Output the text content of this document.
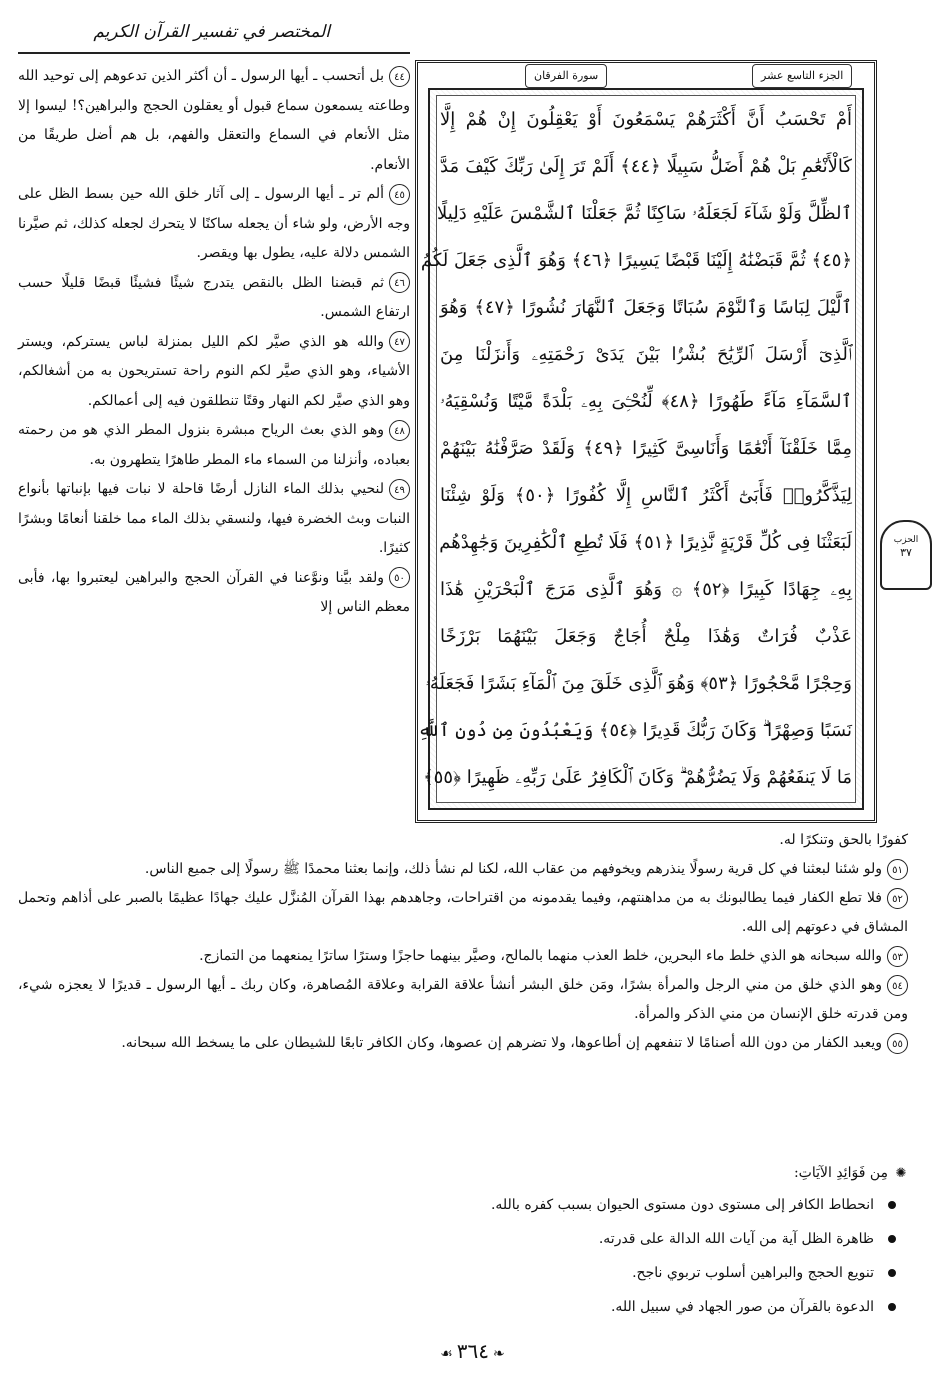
المختصر في تفسير القرآن الكريم
الجزء التاسع عشر
سورة الفرقان
أَمْ تَحْسَبُ أَنَّ أَكْثَرَهُمْ يَسْمَعُونَ أَوْ يَعْقِلُونَ إِنْ هُمْ إِلَّا
كَالْأَنْعَٰمِ بَلْ هُمْ أَضَلُّ سَبِيلًا ﴿٤٤﴾ أَلَمْ تَرَ إِلَىٰ رَبِّكَ كَيْفَ مَدَّ
ٱلظِّلَّ وَلَوْ شَآءَ لَجَعَلَهُۥ سَاكِنًا ثُمَّ جَعَلْنَا ٱلشَّمْسَ عَلَيْهِ دَلِيلًا
﴿٤٥﴾ ثُمَّ قَبَضْنَٰهُ إِلَيْنَا قَبْضًا يَسِيرًا ﴿٤٦﴾ وَهُوَ ٱلَّذِى جَعَلَ لَكُمُ
ٱلَّيْلَ لِبَاسًا وَٱلنَّوْمَ سُبَاتًا وَجَعَلَ ٱلنَّهَارَ نُشُورًا ﴿٤٧﴾ وَهُوَ
ٱلَّذِىٓ أَرْسَلَ ٱلرِّيَٰحَ بُشْرًۢا بَيْنَ يَدَىْ رَحْمَتِهِۦ وَأَنزَلْنَا مِنَ
ٱلسَّمَآءِ مَآءً طَهُورًا ﴿٤٨﴾ لِّنُحْـِۧىَ بِهِۦ بَلْدَةً مَّيْتًا وَنُسْقِيَهُۥ
مِمَّا خَلَقْنَآ أَنْعَٰمًا وَأَنَاسِىَّ كَثِيرًا ﴿٤٩﴾ وَلَقَدْ صَرَّفْنَٰهُ بَيْنَهُمْ
لِيَذَّكَّرُوا۟ فَأَبَىٰٓ أَكْثَرُ ٱلنَّاسِ إِلَّا كُفُورًا ﴿٥٠﴾ وَلَوْ شِئْنَا
لَبَعَثْنَا فِى كُلِّ قَرْيَةٍ نَّذِيرًا ﴿٥١﴾ فَلَا تُطِعِ ٱلْكَٰفِرِينَ وَجَٰهِدْهُم
بِهِۦ جِهَادًا كَبِيرًا ﴿٥٢﴾ ۞ وَهُوَ ٱلَّذِى مَرَجَ ٱلْبَحْرَيْنِ هَٰذَا
عَذْبٌ فُرَاتٌ وَهَٰذَا مِلْحٌ أُجَاجٌ وَجَعَلَ بَيْنَهُمَا بَرْزَخًا
وَحِجْرًا مَّحْجُورًا ﴿٥٣﴾ وَهُوَ ٱلَّذِى خَلَقَ مِنَ ٱلْمَآءِ بَشَرًا فَجَعَلَهُۥ
نَسَبًا وَصِهْرًا ۗ وَكَانَ رَبُّكَ قَدِيرًا ﴿٥٤﴾ وَيَعْبُدُونَ مِن دُونِ ٱللَّهِ
مَا لَا يَنفَعُهُمْ وَلَا يَضُرُّهُمْ ۗ وَكَانَ ٱلْكَافِرُ عَلَىٰ رَبِّهِۦ ظَهِيرًا ﴿٥٥﴾
الحزب
٣٧

٤٤بل أتحسب ـ أيها الرسول ـ أن أكثر الذين تدعوهم إلى توحيد الله وطاعته يسمعون سماع قبول أو يعقلون الحجج والبراهين؟! ليسوا إلا مثل الأنعام في السماع والتعقل والفهم، بل هم أضل طريقًا من الأنعام.

٤٥ألم تر ـ أيها الرسول ـ إلى آثار خلق الله حين بسط الظل على وجه الأرض، ولو شاء أن يجعله ساكنًا لا يتحرك لجعله كذلك، ثم صيَّرنا الشمس دلالة عليه، يطول بها ويقصر.

٤٦ثم قبضنا الظل بالنقص يتدرج شيئًا فشيئًا قبضًا قليلًا حسب ارتفاع الشمس.

٤٧والله هو الذي صيَّر لكم الليل بمنزلة لباس يستركم، ويستر الأشياء، وهو الذي صيَّر لكم النوم راحة تستريحون به من أشغالكم، وهو الذي صيَّر لكم النهار وقتًا تنطلقون فيه إلى أعمالكم.

٤٨وهو الذي بعث الرياح مبشرة بنزول المطر الذي هو من رحمته بعباده، وأنزلنا من السماء ماء المطر طاهرًا يتطهرون به.

٤٩لنحيي بذلك الماء النازل أرضًا قاحلة لا نبات فيها بإنباتها بأنواع النبات وبث الخضرة فيها، ولنسقي بذلك الماء مما خلقنا أنعامًا وبشرًا كثيرًا.

٥٠ولقد بيَّنا ونوَّعنا في القرآن الحجج والبراهين ليعتبروا بها، فأبى معظم الناس إلا

كفورًا بالحق وتنكرًا له.

٥١ولو شئنا لبعثنا في كل قرية رسولًا ينذرهم ويخوفهم من عقاب الله، لكنا لم نشأ ذلك، وإنما بعثنا محمدًا ﷺ رسولًا إلى جميع الناس.

٥٢فلا تطع الكفار فيما يطالبونك به من مداهنتهم، وفيما يقدمونه من اقتراحات، وجاهدهم بهذا القرآن المُنزَّل عليك جهادًا عظيمًا بالصبر على أذاهم وتحمل المشاق في دعوتهم إلى الله.

٥٣والله سبحانه هو الذي خلط ماء البحرين، خلط العذب منهما بالمالح، وصيَّر بينهما حاجزًا وسترًا ساترًا يمنعهما من التمازج.

٥٤وهو الذي خلق من مني الرجل والمرأة بشرًا، ومَن خلق البشر أنشأ علاقة القرابة وعلاقة المُصاهرة، وكان ربك ـ أيها الرسول ـ قديرًا لا يعجزه شيء، ومن قدرته خلق الإنسان من مني الذكر والمرأة.

٥٥ويعبد الكفار من دون الله أصنامًا لا تنفعهم إن أطاعوها، ولا تضرهم إن عصوها، وكان الكافر تابعًا للشيطان على ما يسخط الله سبحانه.

✺مِن فَوَائِدِ الآيَاتِ:
انحطاط الكافر إلى مستوى دون مستوى الحيوان بسبب كفره بالله.
ظاهرة الظل آية من آيات الله الدالة على قدرته.
تنويع الحجج والبراهين أسلوب تربوي ناجح.
الدعوة بالقرآن من صور الجهاد في سبيل الله.
❧٣٦٤☙
